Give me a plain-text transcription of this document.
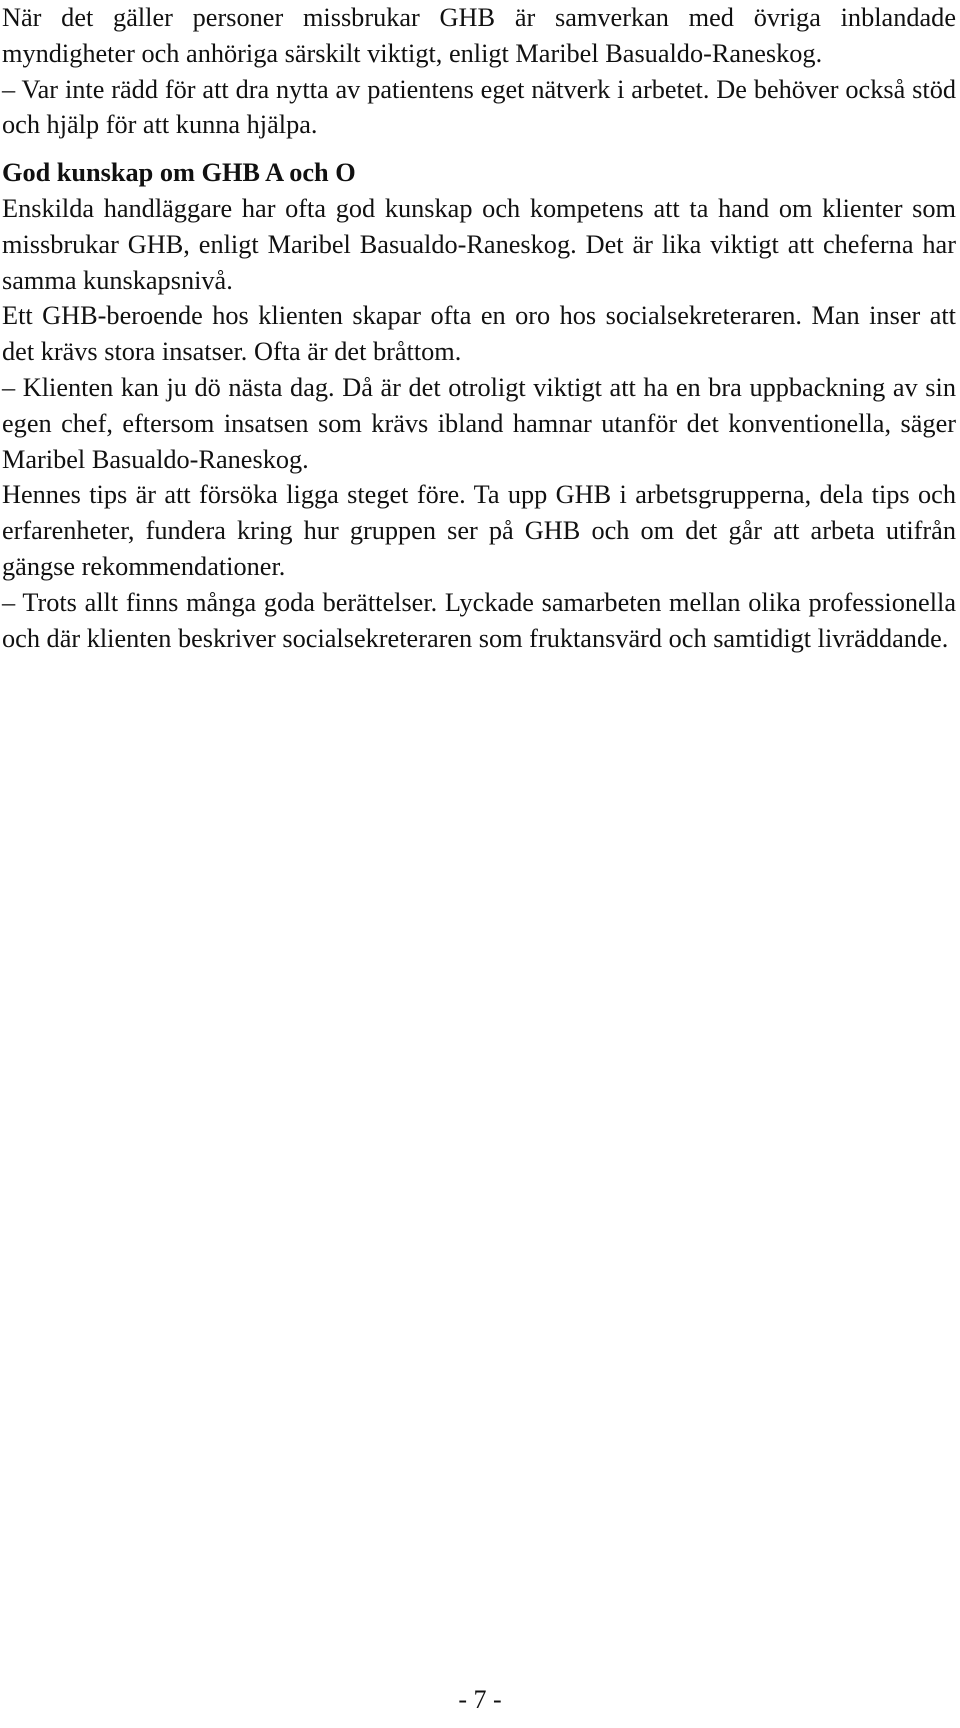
När det gäller personer missbrukar GHB är samverkan med övriga inblandade myndigheter och anhöriga särskilt viktigt, enligt Maribel Basualdo-Raneskog.

– Var inte rädd för att dra nytta av patientens eget nätverk i arbetet. De behöver också stöd och hjälp för att kunna hjälpa.

God kunskap om GHB A och O

Enskilda handläggare har ofta god kunskap och kompetens att ta hand om klienter som missbrukar GHB, enligt Maribel Basualdo-Raneskog. Det är lika viktigt att cheferna har samma kunskapsnivå.

Ett GHB-beroende hos klienten skapar ofta en oro hos socialsekreteraren. Man inser att det krävs stora insatser. Ofta är det bråttom.

– Klienten kan ju dö nästa dag. Då är det otroligt viktigt att ha en bra uppbackning av sin egen chef, eftersom insatsen som krävs ibland hamnar utanför det konventionella, säger Maribel Basualdo-Raneskog.

Hennes tips är att försöka ligga steget före. Ta upp GHB i arbetsgrupperna, dela tips och erfarenheter, fundera kring hur gruppen ser på GHB och om det går att arbeta utifrån gängse rekommendationer.

– Trots allt finns många goda berättelser. Lyckade samarbeten mellan olika professionella och där klienten beskriver socialsekreteraren som fruktansvärd och samtidigt livräddande.

- 7 -
